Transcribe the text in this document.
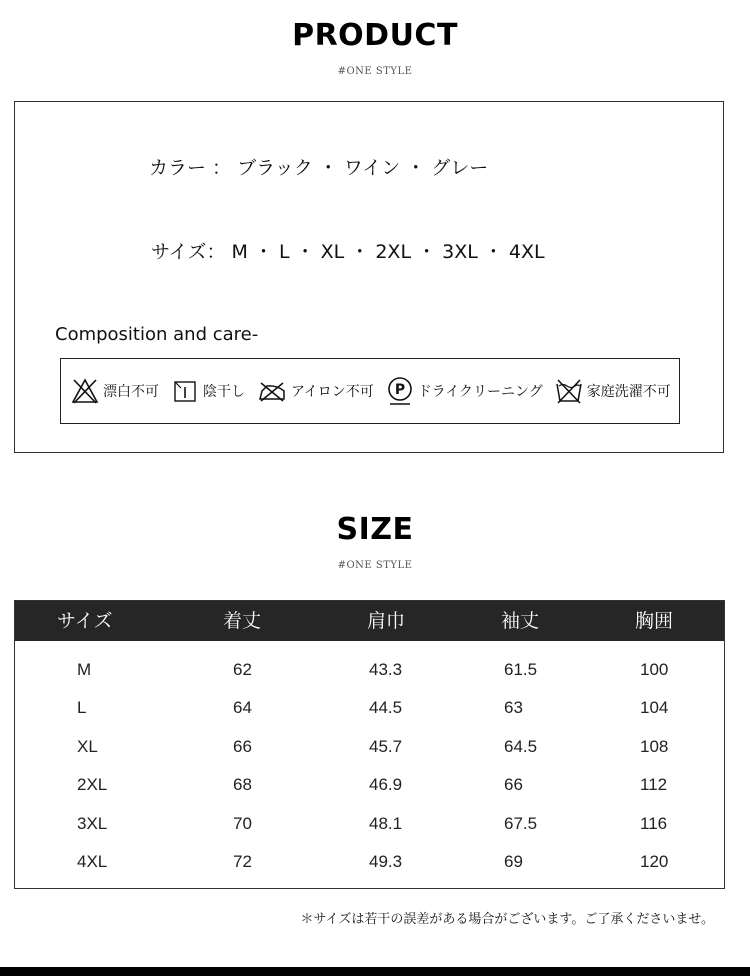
PRODUCT
#ONE STYLE
カラー ： ブラック ・ ワイン ・ グレー
サイズ： M ・ L ・ XL ・ 2XL ・ 3XL ・ 4XL
Composition and care-
漂白不可	陰干し	アイロン不可 P ドライクリーニング	家庭洗濯不可
SIZE
#ONE STYLE
サイズ	着丈	肩巾	袖丈	胸囲
M	62	43.3	61.5	100
L	64	44.5	63	104
XL	66	45.7	64.5	108
2XL	68	46.9	66	112
3XL	70	48.1	67.5	116
4XL	72	49.3	69	120
＊サイズは若干の誤差がある場合がございます。ご了承くださいませ。
